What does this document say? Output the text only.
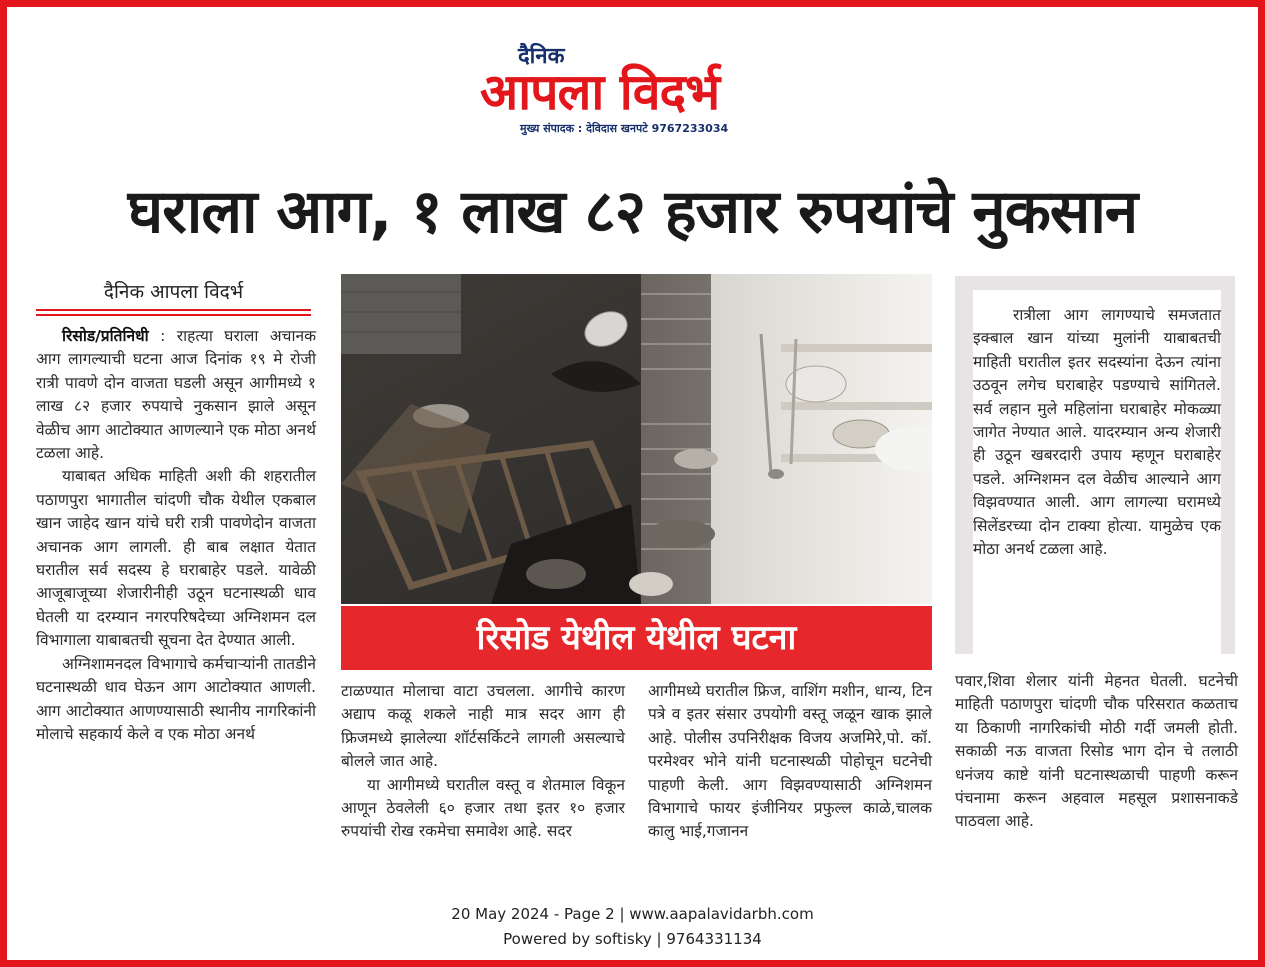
दैनिक
आपला विदर्भ
मुख्य संपादक : देविदास खनपटे 9767233034
घराला आग, १ लाख ८२ हजार रुपयांचे नुकसान
दैनिक आपला विदर्भ

रिसोड/प्रतिनिधी : राहत्या घराला अचानक आग लागल्याची घटना आज दिनांक १९ मे रोजी रात्री पावणे दोन वाजता घडली असून आगीमध्ये १ लाख ८२ हजार रुपयाचे नुकसान झाले असून वेळीच आग आटोक्यात आणल्याने एक मोठा अनर्थ टळला आहे.

याबाबत अधिक माहिती अशी की शहरातील पठाणपुरा भागातील चांदणी चौक येथील एकबाल खान जाहेद खान यांचे घरी रात्री पावणेदोन वाजता अचानक आग लागली. ही बाब लक्षात येतात घरातील सर्व सदस्य हे घराबाहेर पडले. यावेळी आजूबाजूच्या शेजारीनीही उठून घटनास्थळी धाव घेतली या दरम्यान नगरपरिषदेच्या अग्निशमन दल विभागाला याबाबतची सूचना देत देण्यात आली.

अग्निशामनदल विभागाचे कर्मचाऱ्यांनी तातडीने घटनास्थळी धाव घेऊन आग आटोक्यात आणली. आग आटोक्यात आणण्यासाठी स्थानीय नागरिकांनी मोलाचे सहकार्य केले व एक मोठा अनर्थ

रिसोड येथील येथील घटना

रात्रीला आग लागण्याचे समजतात इक्बाल खान यांच्या मुलांनी याबाबतची माहिती घरातील इतर सदस्यांना देऊन त्यांना उठवून लगेच घराबाहेर पडण्याचे सांगितले. सर्व लहान मुले महिलांना घराबाहेर मोकळ्या जागेत नेण्यात आले. यादरम्यान अन्य शेजारी ही उठून खबरदारी उपाय म्हणून घराबाहेर पडले. अग्निशमन दल वेळीच आल्याने आग विझवण्यात आली. आग लागल्या घरामध्ये सिलेंडरच्या दोन टाक्या होत्या. यामुळेच एक मोठा अनर्थ टळला आहे.

टाळण्यात मोलाचा वाटा उचलला. आगीचे कारण अद्याप कळू शकले नाही मात्र सदर आग ही फ्रिजमध्ये झालेल्या शॉर्टसर्किटने लागली असल्याचे बोलले जात आहे.

या आगीमध्ये घरातील वस्तू व शेतमाल विकून आणून ठेवलेली ६० हजार तथा इतर १० हजार रुपयांची रोख रकमेचा समावेश आहे. सदर

आगीमध्ये घरातील फ्रिज, वाशिंग मशीन, धान्य, टिन पत्रे व इतर संसार उपयोगी वस्तू जळून खाक झाले आहे. पोलीस उपनिरीक्षक विजय अजमिरे,पो. कॉ. परमेश्वर भोने यांनी घटनास्थळी पोहोचून घटनेची पाहणी केली. आग विझवण्यासाठी अग्निशमन विभागाचे फायर इंजीनियर प्रफुल्ल काळे,चालक कालु भाई,गजानन

पवार,शिवा शेलार यांनी मेहनत घेतली. घटनेची माहिती पठाणपुरा चांदणी चौक परिसरात कळताच या ठिकाणी नागरिकांची मोठी गर्दी जमली होती. सकाळी नऊ वाजता रिसोड भाग दोन चे तलाठी धनंजय काष्टे यांनी घटनास्थळाची पाहणी करून पंचनामा करून अहवाल महसूल प्रशासनाकडे पाठवला आहे.

20 May 2024 - Page 2 | www.aapalavidarbh.com
Powered by softisky | 9764331134
